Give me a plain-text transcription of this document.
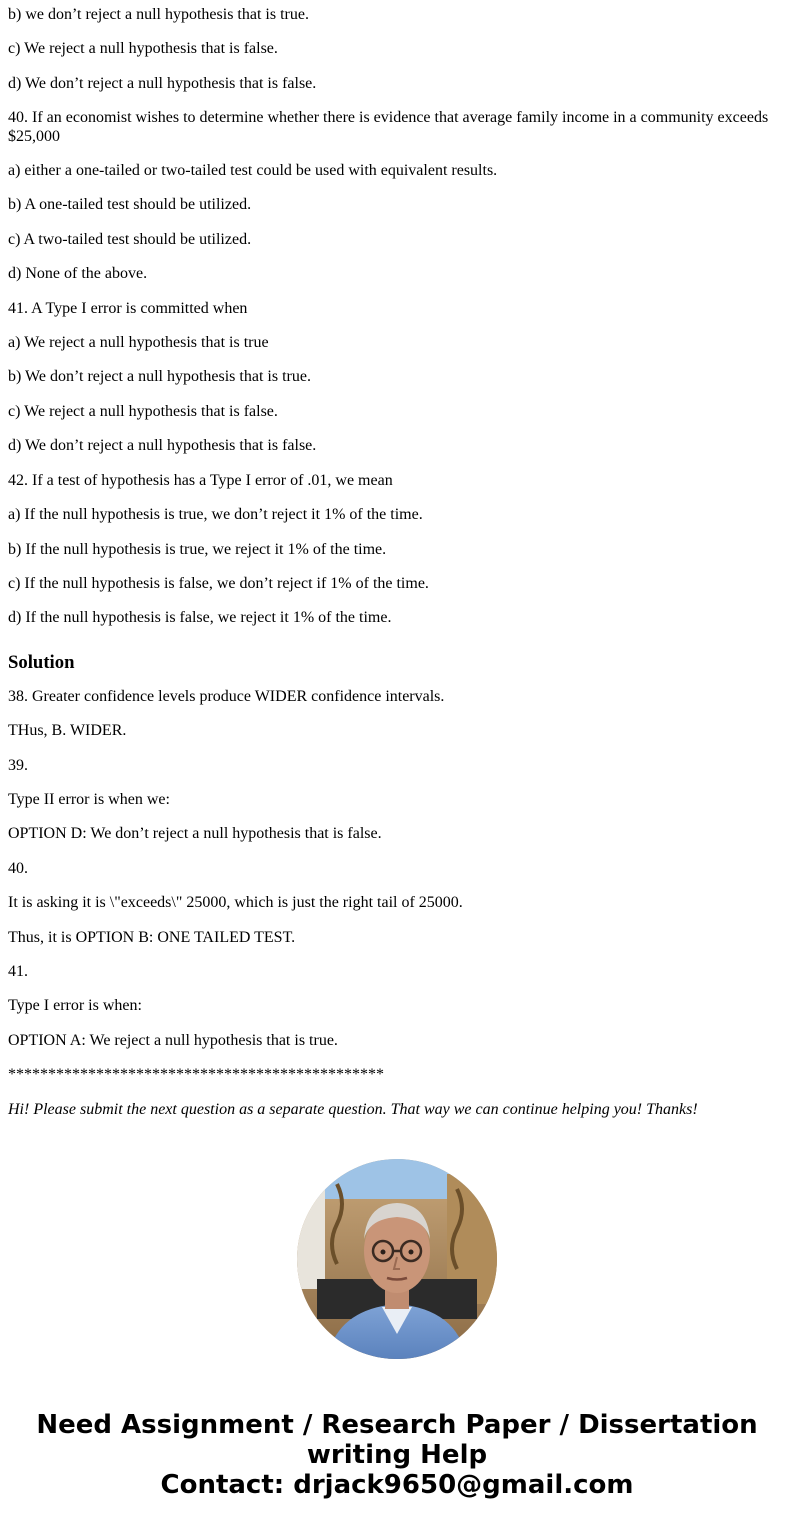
b) we don’t reject a null hypothesis that is true.

c) We reject a null hypothesis that is false.

d) We don’t reject a null hypothesis that is false.

40. If an economist wishes to determine whether there is evidence that average family income in a community exceeds $25,000

a) either a one-tailed or two-tailed test could be used with equivalent results.

b) A one-tailed test should be utilized.

c) A two-tailed test should be utilized.

d) None of the above.

41. A Type I error is committed when

a) We reject a null hypothesis that is true

b) We don’t reject a null hypothesis that is true.

c) We reject a null hypothesis that is false.

d) We don’t reject a null hypothesis that is false.

42. If a test of hypothesis has a Type I error of .01, we mean

a) If the null hypothesis is true, we don’t reject it 1% of the time.

b) If the null hypothesis is true, we reject it 1% of the time.

c) If the null hypothesis is false, we don’t reject if 1% of the time.

d) If the null hypothesis is false, we reject it 1% of the time.

Solution

38. Greater confidence levels produce WIDER confidence intervals.

THus, B. WIDER.

39.

Type II error is when we:

OPTION D: We don’t reject a null hypothesis that is false.

40.

It is asking it is \"exceeds\" 25000, which is just the right tail of 25000.

Thus, it is OPTION B: ONE TAILED TEST.

41.

Type I error is when:

OPTION A: We reject a null hypothesis that is true.

***********************************************

Hi! Please submit the next question as a separate question. That way we can continue helping you! Thanks!

Need Assignment / Research Paper / Dissertation
writing Help
Contact: drjack9650@gmail.com
